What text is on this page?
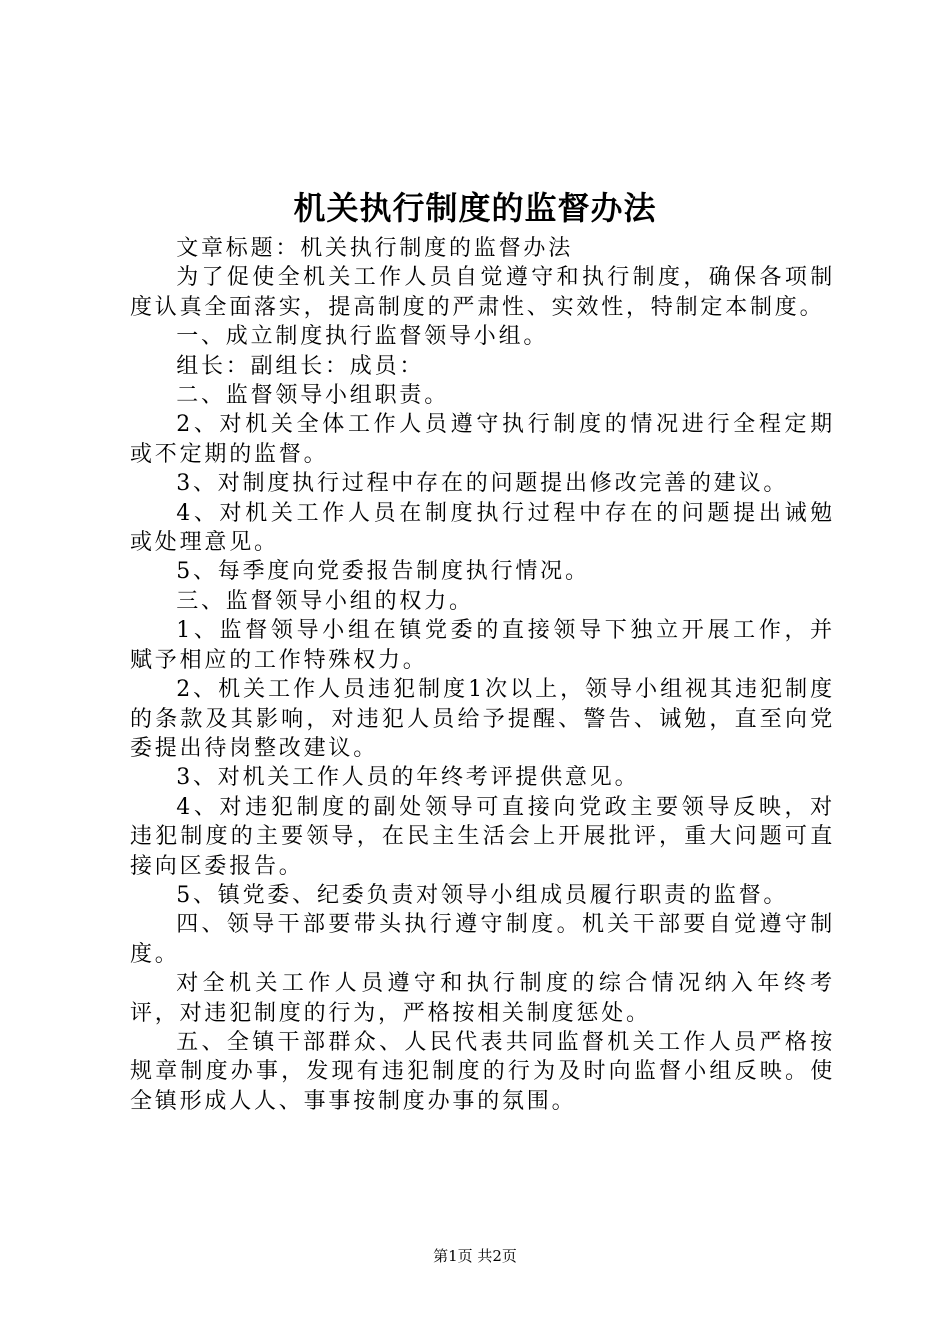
机关执行制度的监督办法

文章标题：机关执行制度的监督办法

为了促使全机关工作人员自觉遵守和执行制度，确保各项制度认真全面落实，提高制度的严肃性、实效性，特制定本制度。

一、成立制度执行监督领导小组。

组长：副组长：成员：

二、监督领导小组职责。

2、对机关全体工作人员遵守执行制度的情况进行全程定期或不定期的监督。

3、对制度执行过程中存在的问题提出修改完善的建议。

4、对机关工作人员在制度执行过程中存在的问题提出诫勉或处理意见。

5、每季度向党委报告制度执行情况。

三、监督领导小组的权力。

1、监督领导小组在镇党委的直接领导下独立开展工作，并赋予相应的工作特殊权力。

2、机关工作人员违犯制度1次以上，领导小组视其违犯制度的条款及其影响，对违犯人员给予提醒、警告、诫勉，直至向党委提出待岗整改建议。

3、对机关工作人员的年终考评提供意见。

4、对违犯制度的副处领导可直接向党政主要领导反映，对违犯制度的主要领导，在民主生活会上开展批评，重大问题可直接向区委报告。

5、镇党委、纪委负责对领导小组成员履行职责的监督。

四、领导干部要带头执行遵守制度。机关干部要自觉遵守制度。

对全机关工作人员遵守和执行制度的综合情况纳入年终考评，对违犯制度的行为，严格按相关制度惩处。

五、全镇干部群众、人民代表共同监督机关工作人员严格按规章制度办事，发现有违犯制度的行为及时向监督小组反映。使全镇形成人人、事事按制度办事的氛围。

第1页 共2页
